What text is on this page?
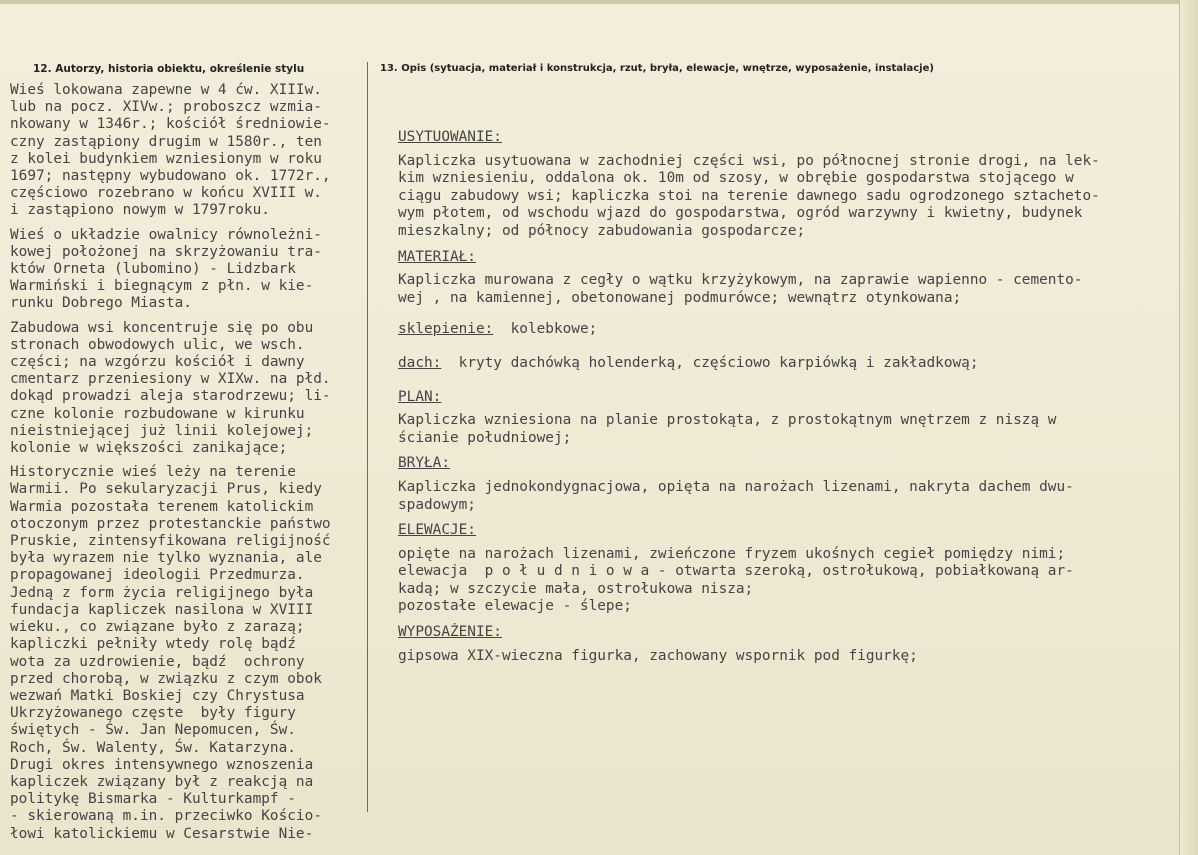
12. Autorzy, historia obiektu, określenie stylu	13. Opis (sytuacja, materiał i konstrukcja, rzut, bryła, elewacje, wnętrze, wyposażenie, instalacje)
Wieś lokowana zapewne w 4 ćw. XIIIw.
lub na pocz. XIVw.; proboszcz wzmia-
nkowany w 1346r.; kościół średniowie-
czny zastąpiony drugim w 1580r., ten
z kolei budynkiem wzniesionym w roku
1697; następny wybudowano ok. 1772r.,
częściowo rozebrano w końcu XVIII w.
i zastąpiono nowym w 1797roku.
Wieś o układzie owalnicy równoleżni-
kowej położonej na skrzyżowaniu tra-
któw Orneta (lubomino) - Lidzbark
Warmiński i biegnącym z płn. w kie-
runku Dobrego Miasta.
Zabudowa wsi koncentruje się po obu
stronach obwodowych ulic, we wsch.
części; na wzgórzu kościół i dawny
cmentarz przeniesiony w XIXw. na płd.
dokąd prowadzi aleja starodrzewu; li-
czne kolonie rozbudowane w kirunku
nieistniejącej już linii kolejowej;
kolonie w większości zanikające;
Historycznie wieś leży na terenie
Warmii. Po sekularyzacji Prus, kiedy
Warmia pozostała terenem katolickim
otoczonym przez protestanckie państwo
Pruskie, zintensyfikowana religijność
była wyrazem nie tylko wyznania, ale
propagowanej ideologii Przedmurza.
Jedną z form życia religijnego była
fundacja kapliczek nasilona w XVIII
wieku., co związane było z zarazą;
kapliczki pełniły wtedy rolę bądź
wota za uzdrowienie, bądź  ochrony
przed chorobą, w związku z czym obok
wezwań Matki Boskiej czy Chrystusa
Ukrzyżowanego częste  były figury
świętych - Św. Jan Nepomucen, Św.
Roch, Św. Walenty, Św. Katarzyna.
Drugi okres intensywnego wznoszenia
kapliczek związany był z reakcją na
politykę Bismarka - Kulturkampf -
- skierowaną m.in. przeciwko Kościo-
łowi katolickiemu w Cesarstwie Nie-
USYTUOWANIE:
Kapliczka usytuowana w zachodniej części wsi, po północnej stronie drogi, na lek-
kim wzniesieniu, oddalona ok. 10m od szosy, w obrębie gospodarstwa stojącego w
ciągu zabudowy wsi; kapliczka stoi na terenie dawnego sadu ogrodzonego sztacheto-
wym płotem, od wschodu wjazd do gospodarstwa, ogród warzywny i kwietny, budynek
mieszkalny; od północy zabudowania gospodarcze;
MATERIAŁ:
Kapliczka murowana z cegły o wątku krzyżykowym, na zaprawie wapienno - cemento-
wej , na kamiennej, obetonowanej podmurówce; wewnątrz otynkowana;
sklepienie:  kolebkowe;
dach:  kryty dachówką holenderką, częściowo karpiówką i zakładkową;
PLAN:
Kapliczka wzniesiona na planie prostokąta, z prostokątnym wnętrzem z niszą w
ścianie południowej;
BRYŁA:
Kapliczka jednokondygnacjowa, opięta na narożach lizenami, nakryta dachem dwu-
spadowym;
ELEWACJE:
opięte na narożach lizenami, zwieńczone fryzem ukośnych cegieł pomiędzy nimi;
elewacja  p o ł u d n i o w a - otwarta szeroką, ostrołukową, pobiałkowaną ar-
kadą; w szczycie mała, ostrołukowa nisza;
pozostałe elewacje - ślepe;
WYPOSAŻENIE:
gipsowa XIX-wieczna figurka, zachowany wspornik pod figurkę;
